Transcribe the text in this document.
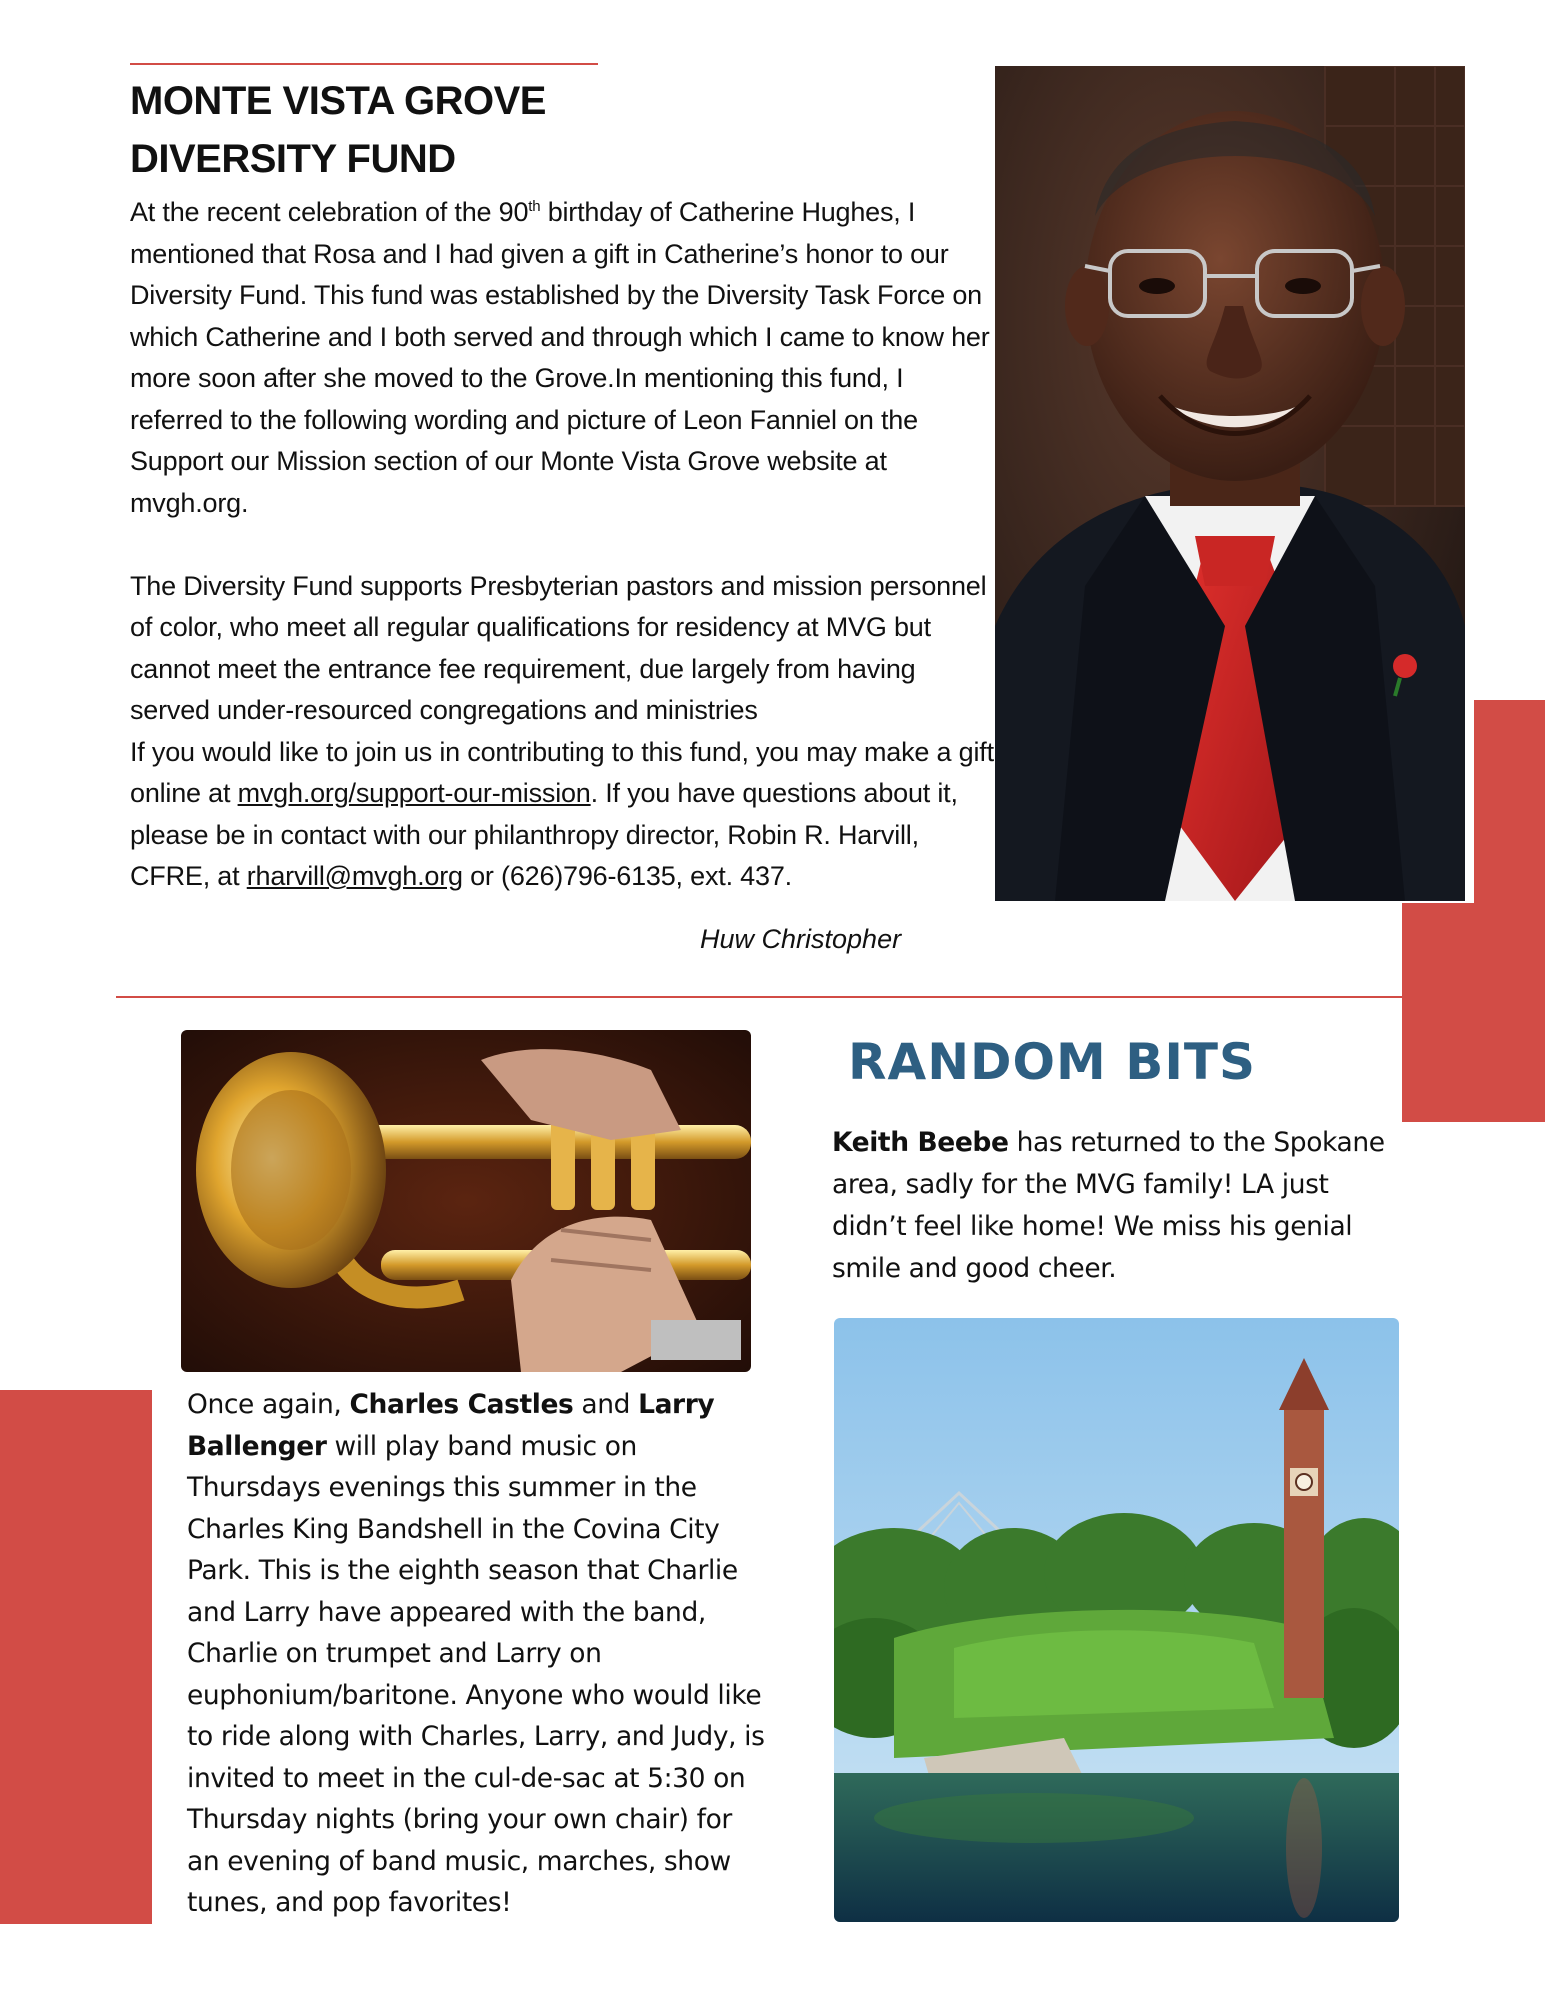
MONTE VISTA GROVE
DIVERSITY FUND

At the recent celebration of the 90th birthday of Catherine Hughes, I mentioned that Rosa and I had given a gift in Catherine’s honor to our Diversity Fund. This fund was established by the Diversity Task Force on which Catherine and I both served and through which I came to know her more soon after she moved to the Grove.In mentioning this fund, I referred to the following wording and picture of Leon Fanniel on the Support our Mission section of our Monte Vista Grove website at mvgh.org.

The Diversity Fund supports Presbyterian pastors and mission personnel of color, who meet all regular qualifications for residency at MVG but cannot meet the entrance fee requirement, due largely from having served under-resourced congregations and ministries

If you would like to join us in contributing to this fund, you may make a gift online at mvgh.org/support-our-mission. If you have questions about it, please be in contact with our philanthropy director, Robin R. Harvill, CFRE, at rharvill@mvgh.org or (626)796-6135, ext. 437.

Huw Christopher
RANDOM BITS
Keith Beebe has returned to the Spokane area, sadly for the MVG family! LA just didn’t feel like home! We miss his genial smile and good cheer.
Once again, Charles Castles and Larry Ballenger will play band music on Thursdays evenings this summer in the Charles King Bandshell in the Covina City Park. This is the eighth season that Charlie and Larry have appeared with the band, Charlie on trumpet and Larry on euphonium/baritone. Anyone who would like to ride along with Charles, Larry, and Judy, is invited to meet in the cul-de-sac at 5:30 on Thursday nights (bring your own chair) for an evening of band music, marches, show tunes, and pop favorites!
